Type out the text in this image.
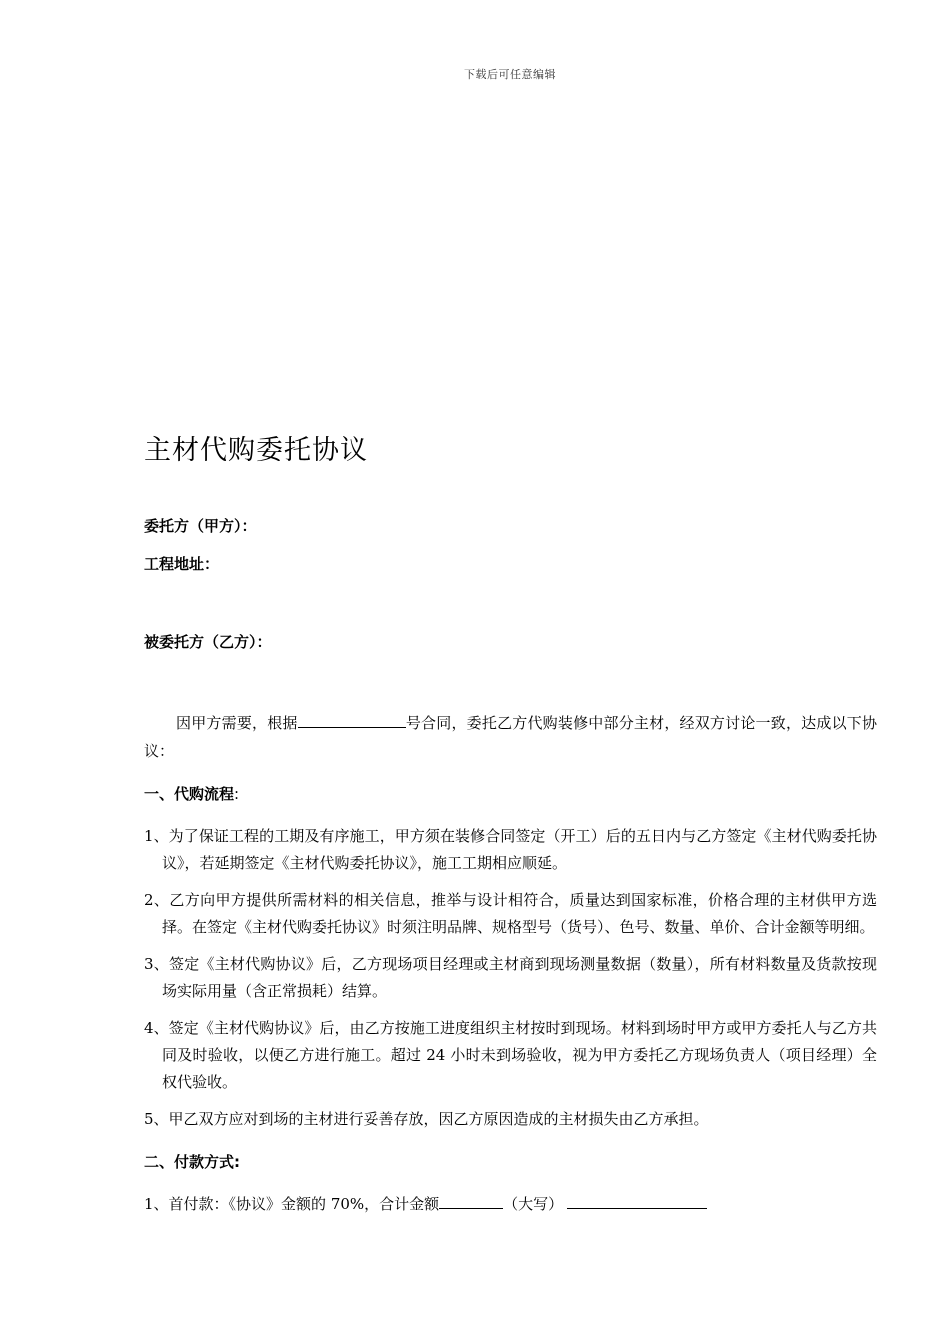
下载后可任意编辑
主材代购委托协议

委托方（甲方）：

工程地址：

被委托方（乙方）：

因甲方需要，根据	号合同，委托乙方代购装修中部分主材，经双方讨论一致，达成以下协议：

一、代购流程:

1、为了保证工程的工期及有序施工，甲方须在装修合同签定（开工）后的五日内与乙方签定《主材代购委托协议》，若延期签定《主材代购委托协议》，施工工期相应顺延。

2、乙方向甲方提供所需材料的相关信息，推举与设计相符合，质量达到国家标准，价格合理的主材供甲方选择。在签定《主材代购委托协议》时须注明品牌、规格型号（货号）、色号、数量、单价、合计金额等明细。

3、签定《主材代购协议》后，乙方现场项目经理或主材商到现场测量数据（数量），所有材料数量及货款按现场实际用量（含正常损耗）结算。

4、签定《主材代购协议》后，由乙方按施工进度组织主材按时到现场。材料到场时甲方或甲方委托人与乙方共同及时验收，以便乙方进行施工。超过 24 小时未到场验收，视为甲方委托乙方现场负责人（项目经理）全权代验收。

5、甲乙双方应对到场的主材进行妥善存放，因乙方原因造成的主材损失由乙方承担。

二、付款方式:

1、首付款：《协议》金额的 70%，合计金额	（大写）
